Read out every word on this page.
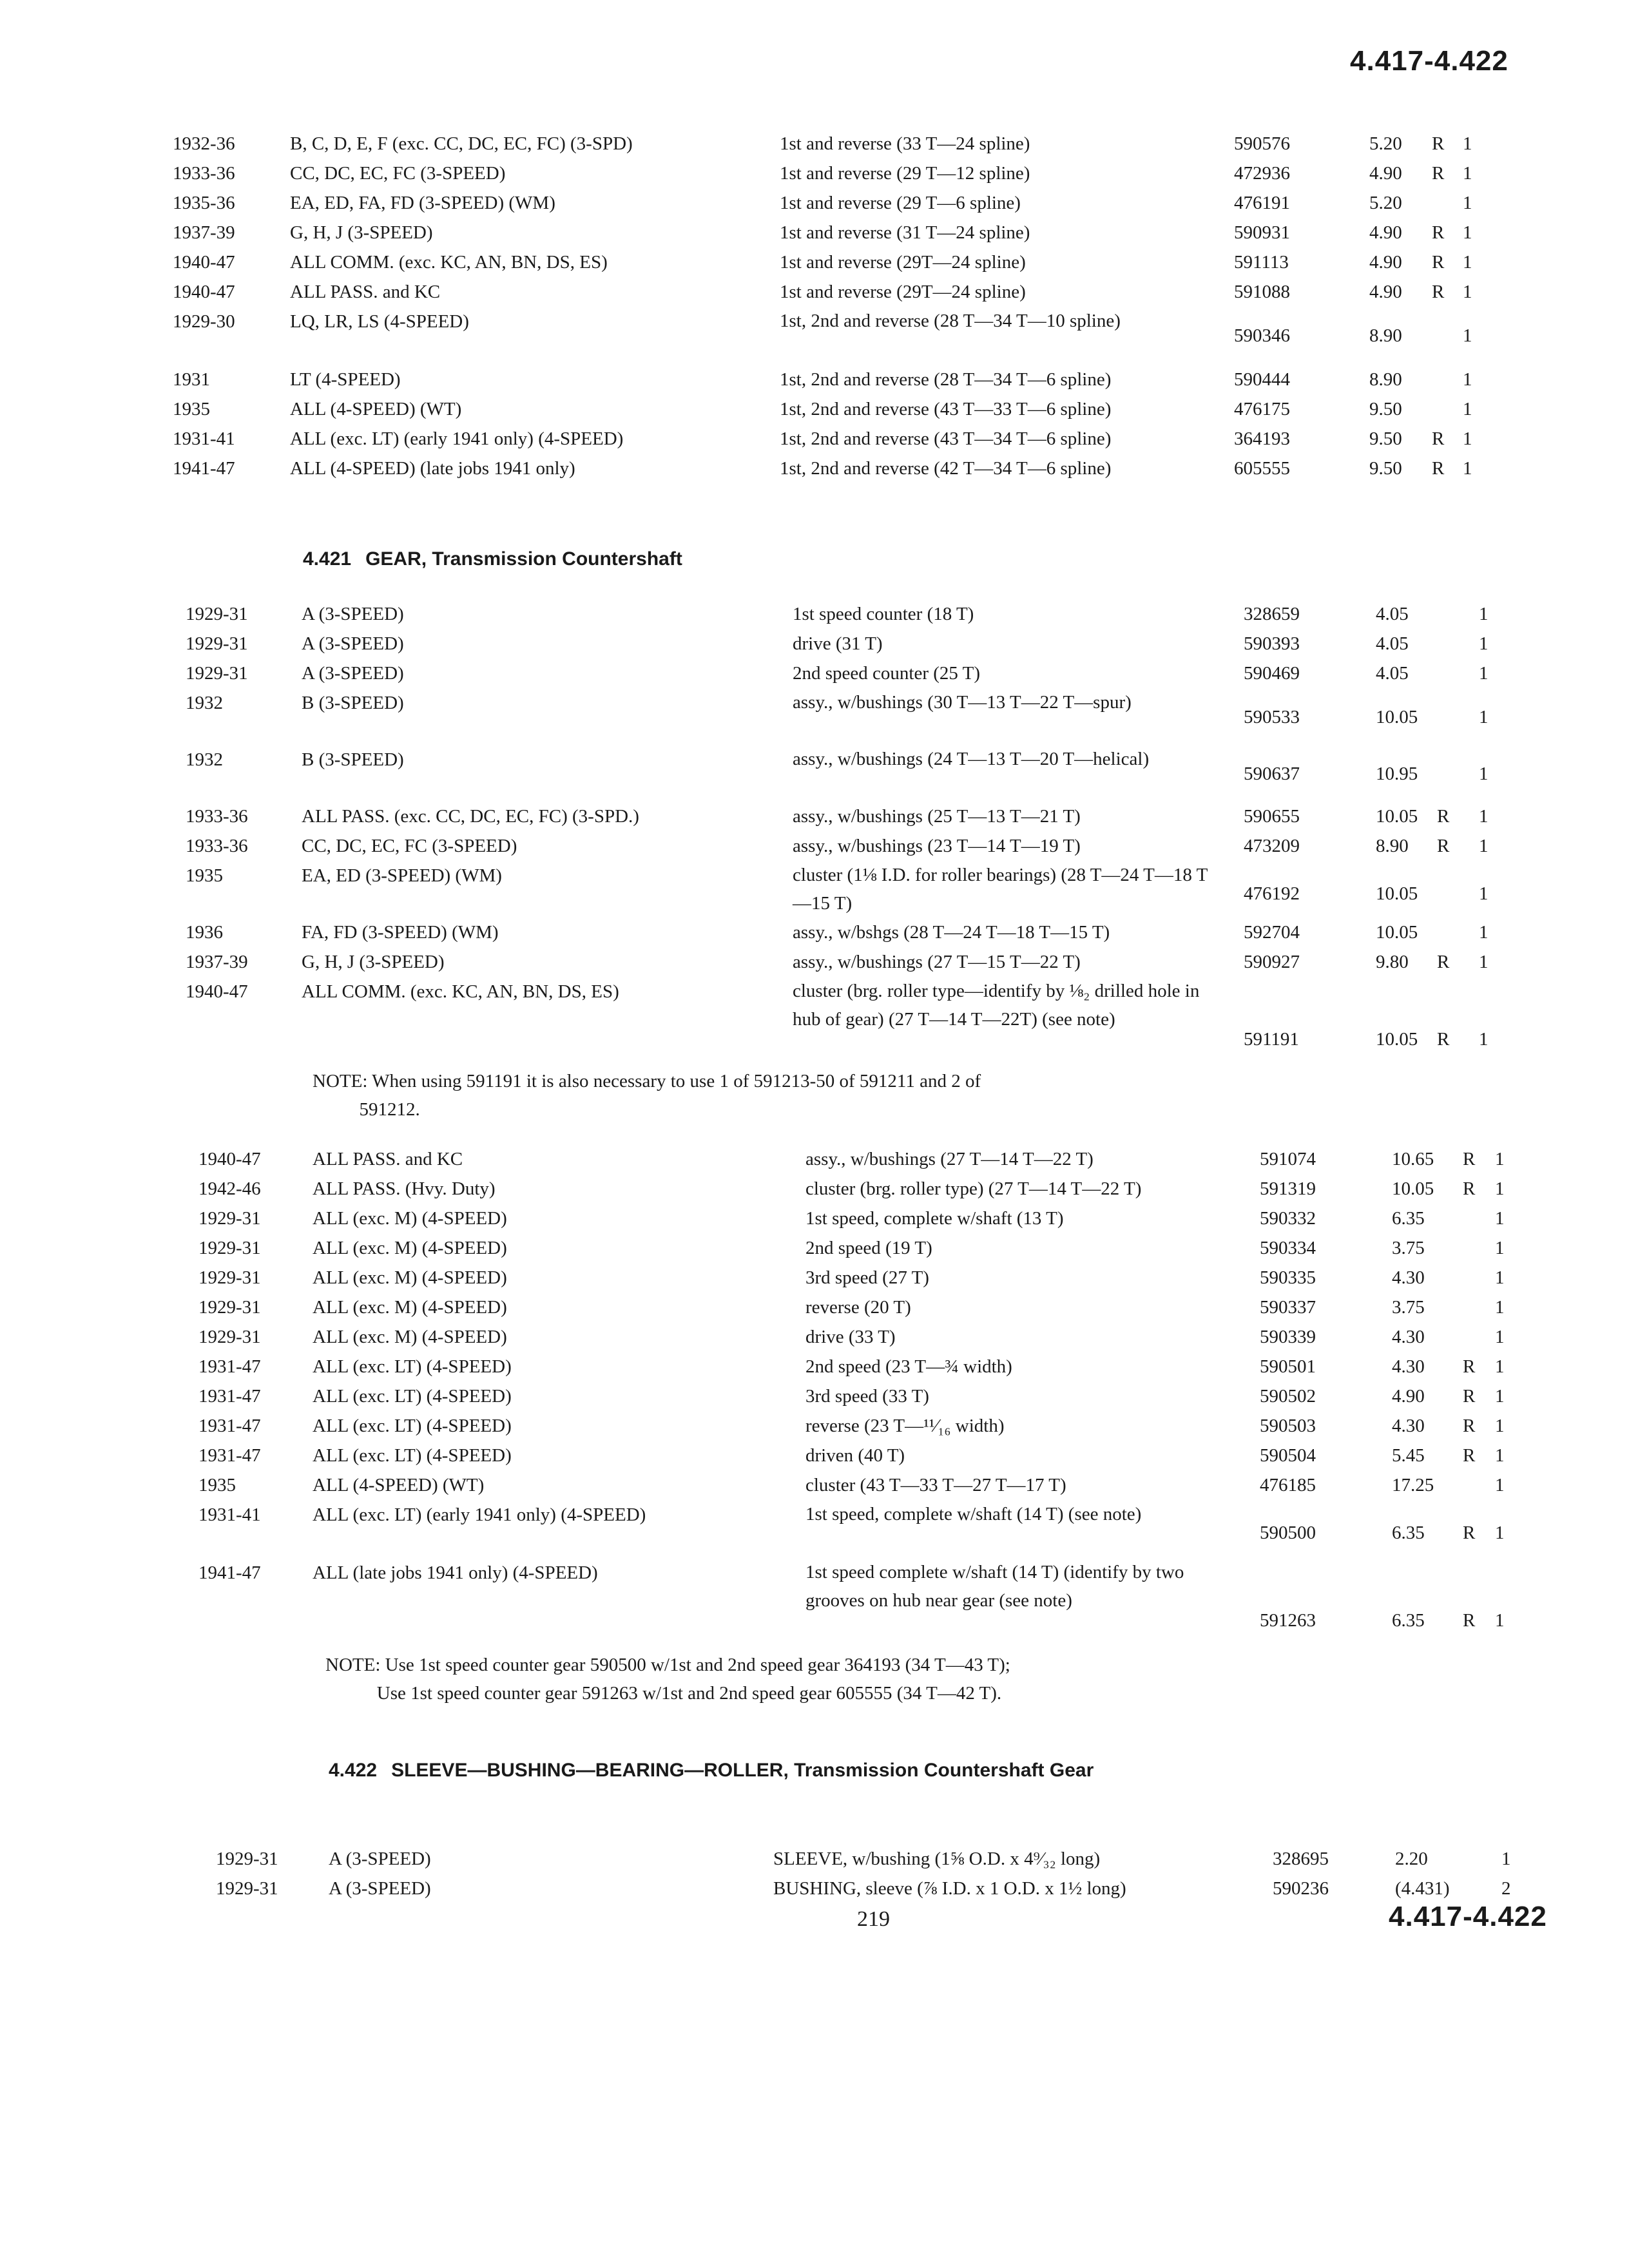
4.417-4.422
1932-36	B, C, D, E, F (exc. CC, DC, EC, FC) (3-SPD)	1st and reverse (33 T—24 spline)	590576	5.20 R 1
1933-36	CC, DC, EC, FC (3-SPEED)	1st and reverse (29 T—12 spline)	472936	4.90 R 1
1935-36	EA, ED, FA, FD (3-SPEED) (WM)	1st and reverse (29 T—6 spline)	476191	5.20	1
1937-39	G, H, J (3-SPEED)	1st and reverse (31 T—24 spline)	590931	4.90 R 1
1940-47	ALL COMM. (exc. KC, AN, BN, DS, ES)	1st and reverse (29T—24 spline)	591113	4.90 R 1
1940-47	ALL PASS. and KC	1st and reverse (29T—24 spline)	591088	4.90 R 1
1929-30	LQ, LR, LS (4-SPEED)	1st, 2nd and reverse (28 T—34 T—10 spline)
590346	8.90	1
1931	LT (4-SPEED)	1st, 2nd and reverse (28 T—34 T—6 spline)	590444	8.90	1
1935	ALL (4-SPEED) (WT)	1st, 2nd and reverse (43 T—33 T—6 spline)	476175	9.50	1
1931-41	ALL (exc. LT) (early 1941 only) (4-SPEED)	1st, 2nd and reverse (43 T—34 T—6 spline)	364193	9.50 R 1
1941-47	ALL (4-SPEED) (late jobs 1941 only)	1st, 2nd and reverse (42 T—34 T—6 spline)	605555	9.50 R 1
4.421 GEAR, Transmission Countershaft
1929-31	A (3-SPEED)	1st speed counter (18 T)	328659	4.05	1
1929-31	A (3-SPEED)	drive (31 T)	590393	4.05	1
1929-31	A (3-SPEED)	2nd speed counter (25 T)	590469	4.05	1
1932	B (3-SPEED)	assy., w/bushings (30 T—13 T—22 T—spur)
590533	10.05	1
1932	B (3-SPEED)	assy., w/bushings (24 T—13 T—20 T—helical)
590637	10.95	1
1933-36	ALL PASS. (exc. CC, DC, EC, FC) (3-SPD.)	assy., w/bushings (25 T—13 T—21 T)	590655	10.05 R 1
1933-36	CC, DC, EC, FC (3-SPEED)	assy., w/bushings (23 T—14 T—19 T)	473209	8.90 R 1
1935	EA, ED (3-SPEED) (WM)	cluster (1⅛ I.D. for roller bearings) (28 T—24 T—18 T—15 T)	476192	10.05	1
1936	FA, FD (3-SPEED) (WM)	assy., w/bshgs (28 T—24 T—18 T—15 T)	592704	10.05	1
1937-39	G, H, J (3-SPEED)	assy., w/bushings (27 T—15 T—22 T)	590927	9.80 R 1
1940-47	ALL COMM. (exc. KC, AN, BN, DS, ES)	cluster (brg. roller type—identify by ⅛₂ drilled hole in hub of gear) (27 T—14 T—22T) (see note)
591191	10.05 R 1
NOTE: When using 591191 it is also necessary to use 1 of 591213-50 of 591211 and 2 of
591212.
1940-47	ALL PASS. and KC	assy., w/bushings (27 T—14 T—22 T)	591074	10.65 R 1
1942-46	ALL PASS. (Hvy. Duty)	cluster (brg. roller type) (27 T—14 T—22 T)	591319	10.05 R 1
1929-31	ALL (exc. M) (4-SPEED)	1st speed, complete w/shaft (13 T)	590332	6.35	1
1929-31	ALL (exc. M) (4-SPEED)	2nd speed (19 T)	590334	3.75	1
1929-31	ALL (exc. M) (4-SPEED)	3rd speed (27 T)	590335	4.30	1
1929-31	ALL (exc. M) (4-SPEED)	reverse (20 T)	590337	3.75	1
1929-31	ALL (exc. M) (4-SPEED)	drive (33 T)	590339	4.30	1
1931-47	ALL (exc. LT) (4-SPEED)	2nd speed (23 T—¾ width)	590501	4.30 R 1
1931-47	ALL (exc. LT) (4-SPEED)	3rd speed (33 T)	590502	4.90 R 1
1931-47	ALL (exc. LT) (4-SPEED)	reverse (23 T—¹¹⁄₁₆ width)	590503	4.30 R 1
1931-47	ALL (exc. LT) (4-SPEED)	driven (40 T)	590504	5.45 R 1
1935	ALL (4-SPEED) (WT)	cluster (43 T—33 T—27 T—17 T)	476185	17.25	1
1931-41	ALL (exc. LT) (early 1941 only) (4-SPEED)	1st speed, complete w/shaft (14 T) (see note)
590500	6.35 R 1
1941-47	ALL (late jobs 1941 only) (4-SPEED)	1st speed complete w/shaft (14 T) (identify by two grooves on hub near gear (see note)
591263	6.35 R 1
NOTE: Use 1st speed counter gear 590500 w/1st and 2nd speed gear 364193 (34 T—43 T);
Use 1st speed counter gear 591263 w/1st and 2nd speed gear 605555 (34 T—42 T).
4.422 SLEEVE—BUSHING—BEARING—ROLLER, Transmission Countershaft Gear
1929-31	A (3-SPEED)	SLEEVE, w/bushing (1⅝ O.D. x 4⁹⁄₃₂ long)	328695	2.20	1
1929-31	A (3-SPEED)	BUSHING, sleeve (⅞ I.D. x 1 O.D. x 1½ long)	590236	(4.431)	2
219	4.417-4.422
